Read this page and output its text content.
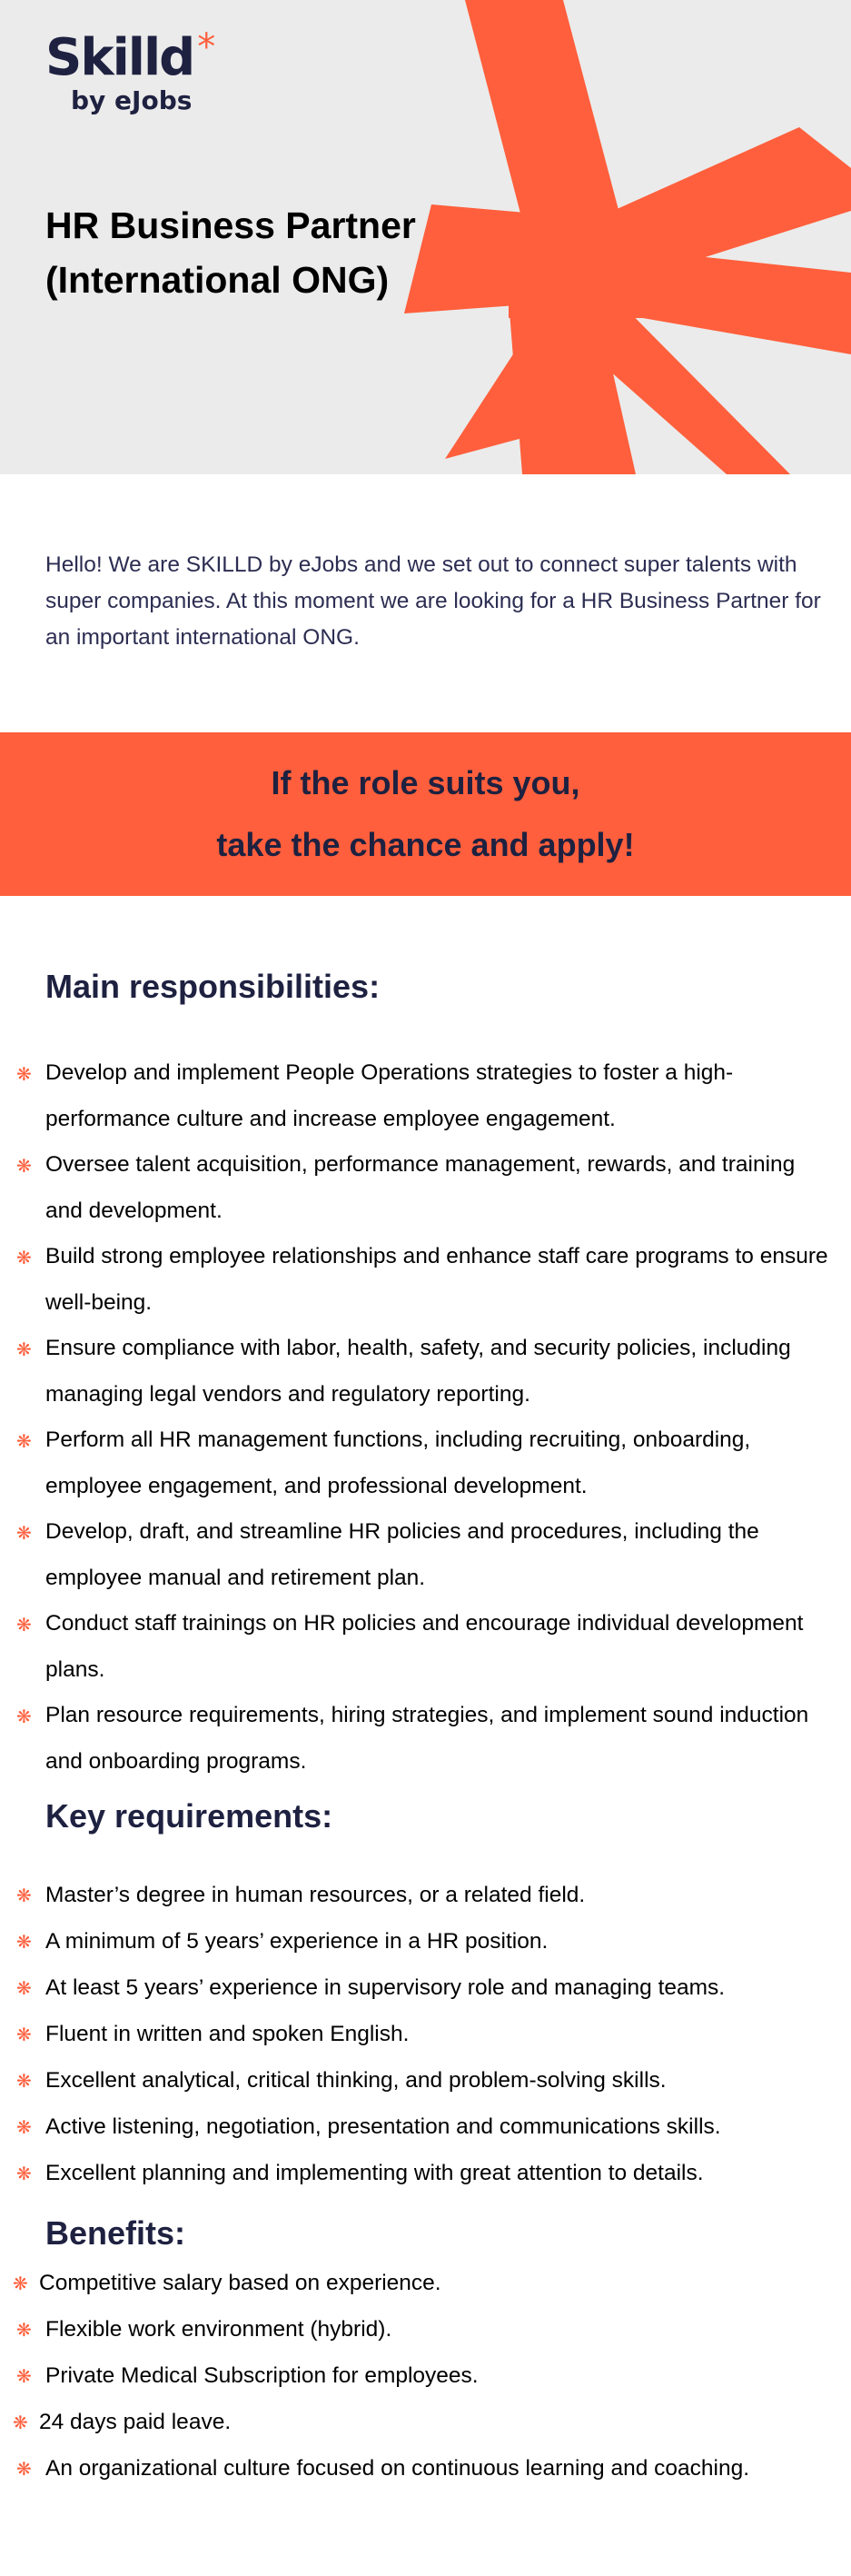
Skilld *
by eJobs
HR Business Partner
(International ONG)

Hello! We are SKILLD by eJobs and we set out to connect super talents with super companies. At this moment we are looking for a HR Business Partner for an important international ONG.

If the role suits you,
take the chance and apply!
Main responsibilities:
❋ Develop and implement People Operations strategies to foster a high-performance culture and increase employee engagement.
❋ Oversee talent acquisition, performance management, rewards, and training and development.
❋ Build strong employee relationships and enhance staff care programs to ensure well-being.
❋ Ensure compliance with labor, health, safety, and security policies, including managing legal vendors and regulatory reporting.
❋ Perform all HR management functions, including recruiting, onboarding, employee engagement, and professional development.
❋ Develop, draft, and streamline HR policies and procedures, including the employee manual and retirement plan.
❋ Conduct staff trainings on HR policies and encourage individual development plans.
❋ Plan resource requirements, hiring strategies, and implement sound induction and onboarding programs.
Key requirements:
❋ Master’s degree in human resources, or a related field.
❋ A minimum of 5 years’ experience in a HR position.
❋ At least 5 years’ experience in supervisory role and managing teams.
❋ Fluent in written and spoken English.
❋ Excellent analytical, critical thinking, and problem-solving skills.
❋ Active listening, negotiation, presentation and communications skills.
❋ Excellent planning and implementing with great attention to details.
Benefits:
❋ Competitive salary based on experience.
❋ Flexible work environment (hybrid).
❋ Private Medical Subscription for employees.
❋ 24 days paid leave.
❋ An organizational culture focused on continuous learning and coaching.
